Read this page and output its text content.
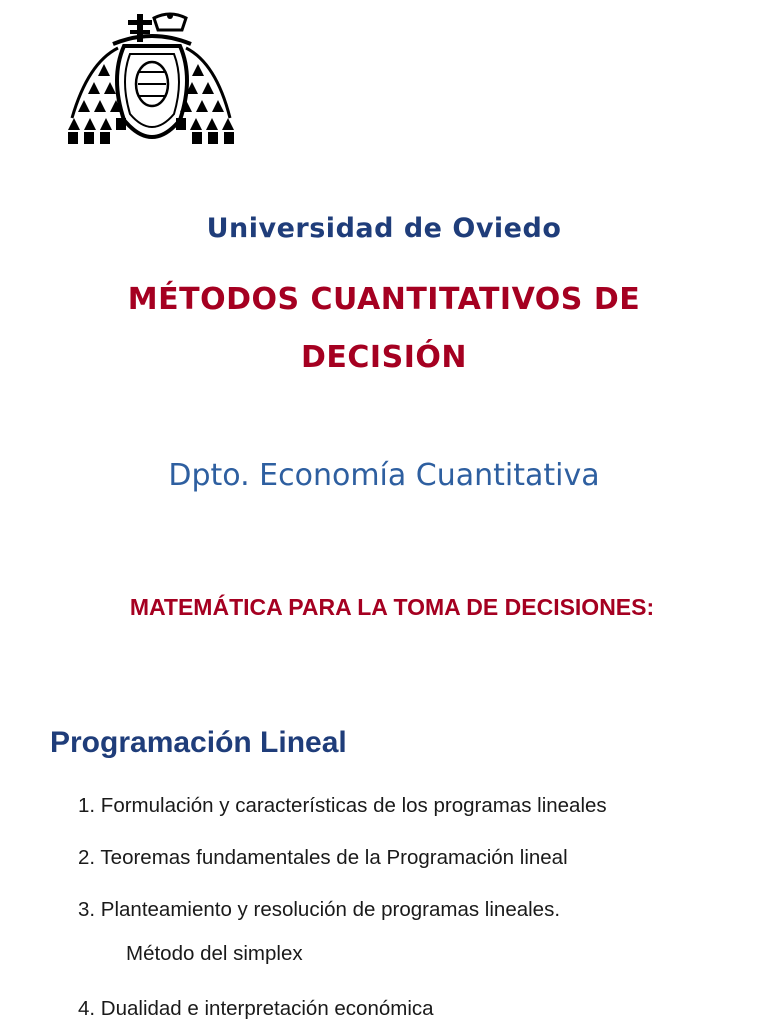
Universidad de Oviedo
MÉTODOS CUANTITATIVOS DE
DECISIÓN
Dpto. Economía Cuantitativa
MATEMÁTICA PARA LA TOMA DE DECISIONES:
Programación Lineal
1. Formulación y características de los programas lineales
2. Teoremas fundamentales de la Programación lineal
3. Planteamiento y resolución de programas lineales.
Método del simplex
4. Dualidad e interpretación económica
